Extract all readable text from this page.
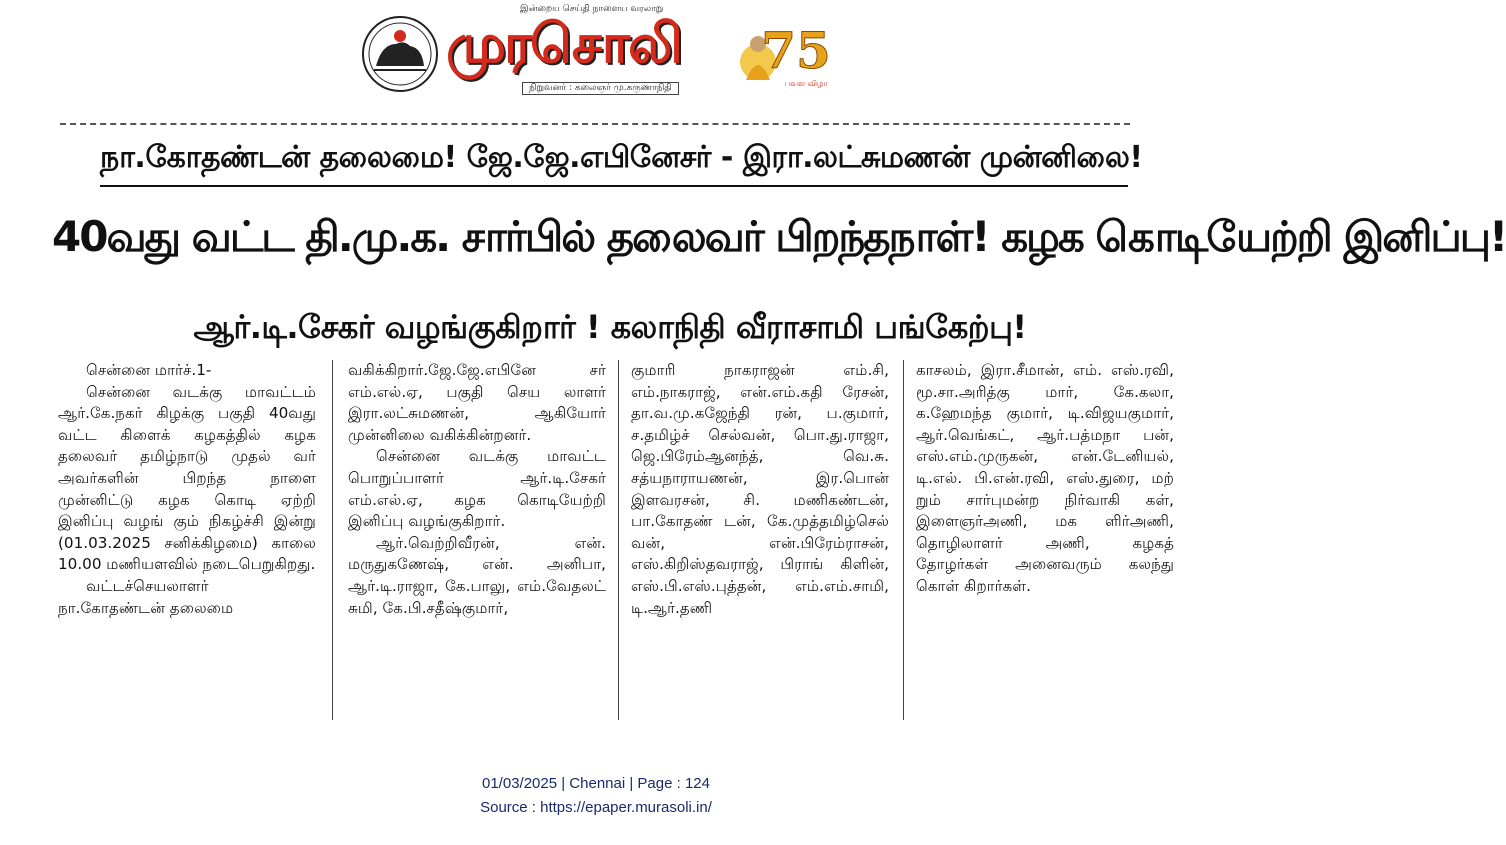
இன்றைய செய்தி நாளைய வரலாறு
முரசொலி
நிறுவனர் : கலைஞர் மு.கருணாநிதி
75
பவள விழா
நா.கோதண்டன் தலைமை! ஜே.ஜே.எபினேசர் - இரா.லட்சுமணன் முன்னிலை!
40வது வட்ட தி.மு.க. சார்பில் தலைவர் பிறந்தநாள்! கழக கொடியேற்றி இனிப்பு!
ஆர்.டி.சேகர் வழங்குகிறார் ! கலாநிதி வீராசாமி பங்கேற்பு!

சென்னை மார்ச்.1-

சென்னை வடக்கு மாவட்டம் ஆர்.கே.நகர் கிழக்கு பகுதி 40வது வட்ட கிளைக் கழகத்தில் கழக தலைவர் தமிழ்நாடு முதல் வர் அவர்களின் பிறந்த நாளை முன்னிட்டு கழக கொடி ஏற்றி இனிப்பு வழங் கும் நிகழ்ச்சி இன்று (01.03.2025 சனிக்கிழமை) காலை 10.00 மணியளவில் நடைபெறுகிறது.

வட்டச்செயலாளர் நா.கோதண்டன் தலைமை

வகிக்கிறார்.ஜே.ஜே.எபினே சர் எம்.எல்.ஏ, பகுதி செய லாளர் இரா.லட்சுமணன், ஆகியோர் முன்னிலை வகிக்கின்றனர்.

சென்னை வடக்கு மாவட்ட பொறுப்பாளர் ஆர்.டி.சேகர் எம்.எல்.ஏ, கழக கொடியேற்றி இனிப்பு வழங்குகிறார்.

ஆர்.வெற்றிவீரன், என். மருதுகணேஷ், என். அனிபா, ஆர்.டி.ராஜா, கே.பாலு, எம்.வேதலட் சுமி, கே.பி.சதீஷ்குமார்,

குமாரி நாகராஜன் எம்.சி, எம்.நாகராஜ், என்.எம்.கதி ரேசன், தா.வ.மு.கஜேந்தி ரன், ப.குமார், ச.தமிழ்ச் செல்வன், பொ.து.ராஜா, ஜெ.பிரேம்ஆனந்த், வெ.சு. சத்யநாராயணன், இர.பொன் இளவரசன், சி. மணிகண்டன், பா.கோதண் டன், கே.முத்தமிழ்செல் வன், என்.பிரேம்ராசன், எஸ்.கிறிஸ்தவராஜ், பிராங் கிளின், எஸ்.பி.எஸ்.புத்தன், எம்.எம்.சாமி, டி.ஆர்.தணி

காசலம், இரா.சீமான், எம். எஸ்.ரவி, மூ.சா.அரித்கு மார், கே.கலா, க.ஹேமந்த குமார், டி.விஜயகுமார், ஆர்.வெங்கட், ஆர்.பத்மநா பன், எஸ்.எம்.முருகன், என்.டேனியல், டி.எல். பி.என்.ரவி, எஸ்.துரை, மற் றும் சார்புமன்ற நிர்வாகி கள், இளைஞர்அணி, மக ளிர்அணி, தொழிலாளர் அணி, கழகத் தோழர்கள் அனைவரும் கலந்து கொள் கிறார்கள்.

01/03/2025 | Chennai | Page : 124
Source : https://epaper.murasoli.in/
